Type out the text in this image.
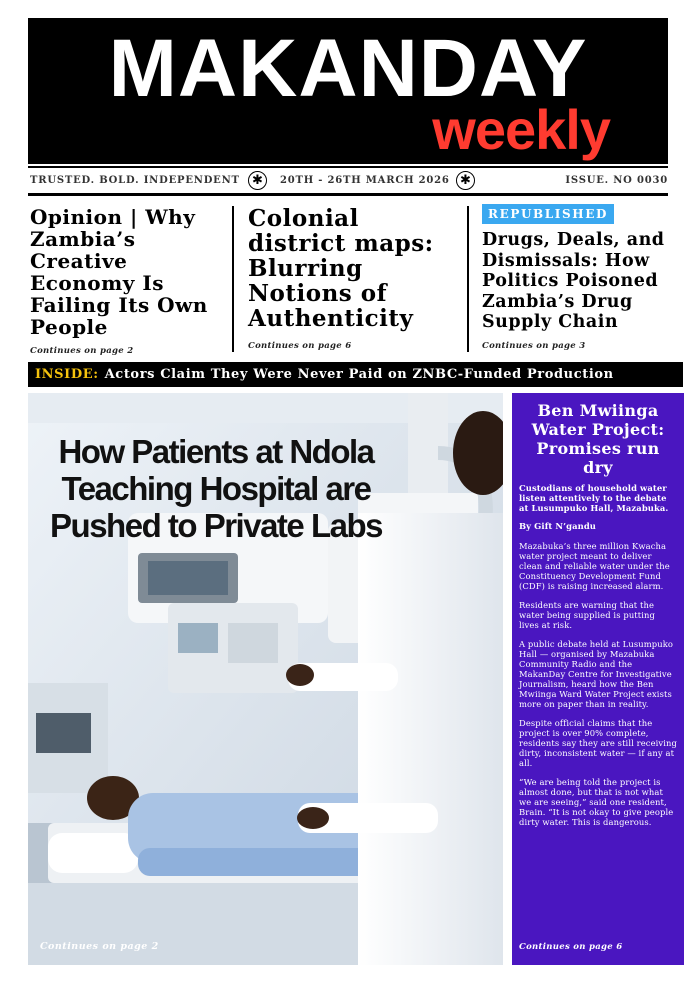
MAKANDAY
weekly
TRUSTED. BOLD. INDEPENDENT ✱	20TH - 26TH MARCH 2026 ✱	ISSUE. NO 0030
Opinion | Why Zambia’s Creative Economy Is Failing Its Own People
Colonial district maps: Blurring Notions of Authenticity
REPUBLISHED
Drugs, Deals, and Dismissals: How Politics Poisoned Zambia’s Drug Supply Chain
Continues on page 2	Continues on page 6	Continues on page 3
INSIDE: Actors Claim They Were Never Paid on ZNBC-Funded Production
How Patients at Ndola Teaching Hospital are Pushed to Private Labs
Continues on page 2
Ben Mwiinga Water Project: Promises run dry
Custodians of household water listen attentively to the debate at Lusumpuko Hall, Mazabuka.
By Gift N’gandu
Mazabuka’s three million Kwacha water project meant to deliver clean and reliable water under the Constituency Development Fund (CDF) is raising increased alarm.
Residents are warning that the water being supplied is putting lives at risk.
A public debate held at Lusumpuko Hall — organised by Mazabuka Community Radio and the MakanDay Centre for Investigative Journalism, heard how the Ben Mwiinga Ward Water Project exists more on paper than in reality.
Despite official claims that the project is over 90% complete, residents say they are still receiving dirty, inconsistent water — if any at all.
“We are being told the project is almost done, but that is not what we are seeing,” said one resident, Brain. “It is not okay to give people dirty water. This is dangerous.
Continues on page 6
